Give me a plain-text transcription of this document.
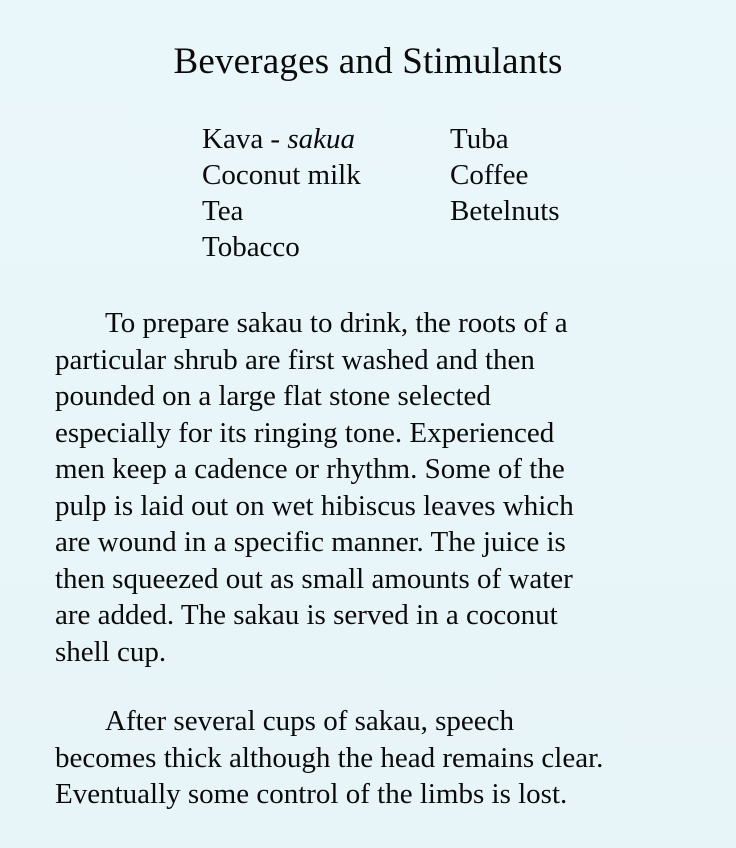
Beverages and Stimulants
Kava - sakua	Tuba
Coconut milk	Coffee
Tea	Betelnuts
Tobacco
To prepare sakau to drink, the roots of a
particular shrub are first washed and then
pounded on a large flat stone selected
especially for its ringing tone. Experienced
men keep a cadence or rhythm. Some of the
pulp is laid out on wet hibiscus leaves which
are wound in a specific manner. The juice is
then squeezed out as small amounts of water
are added. The sakau is served in a coconut
shell cup.
After several cups of sakau, speech
becomes thick although the head remains clear.
Eventually some control of the limbs is lost.
